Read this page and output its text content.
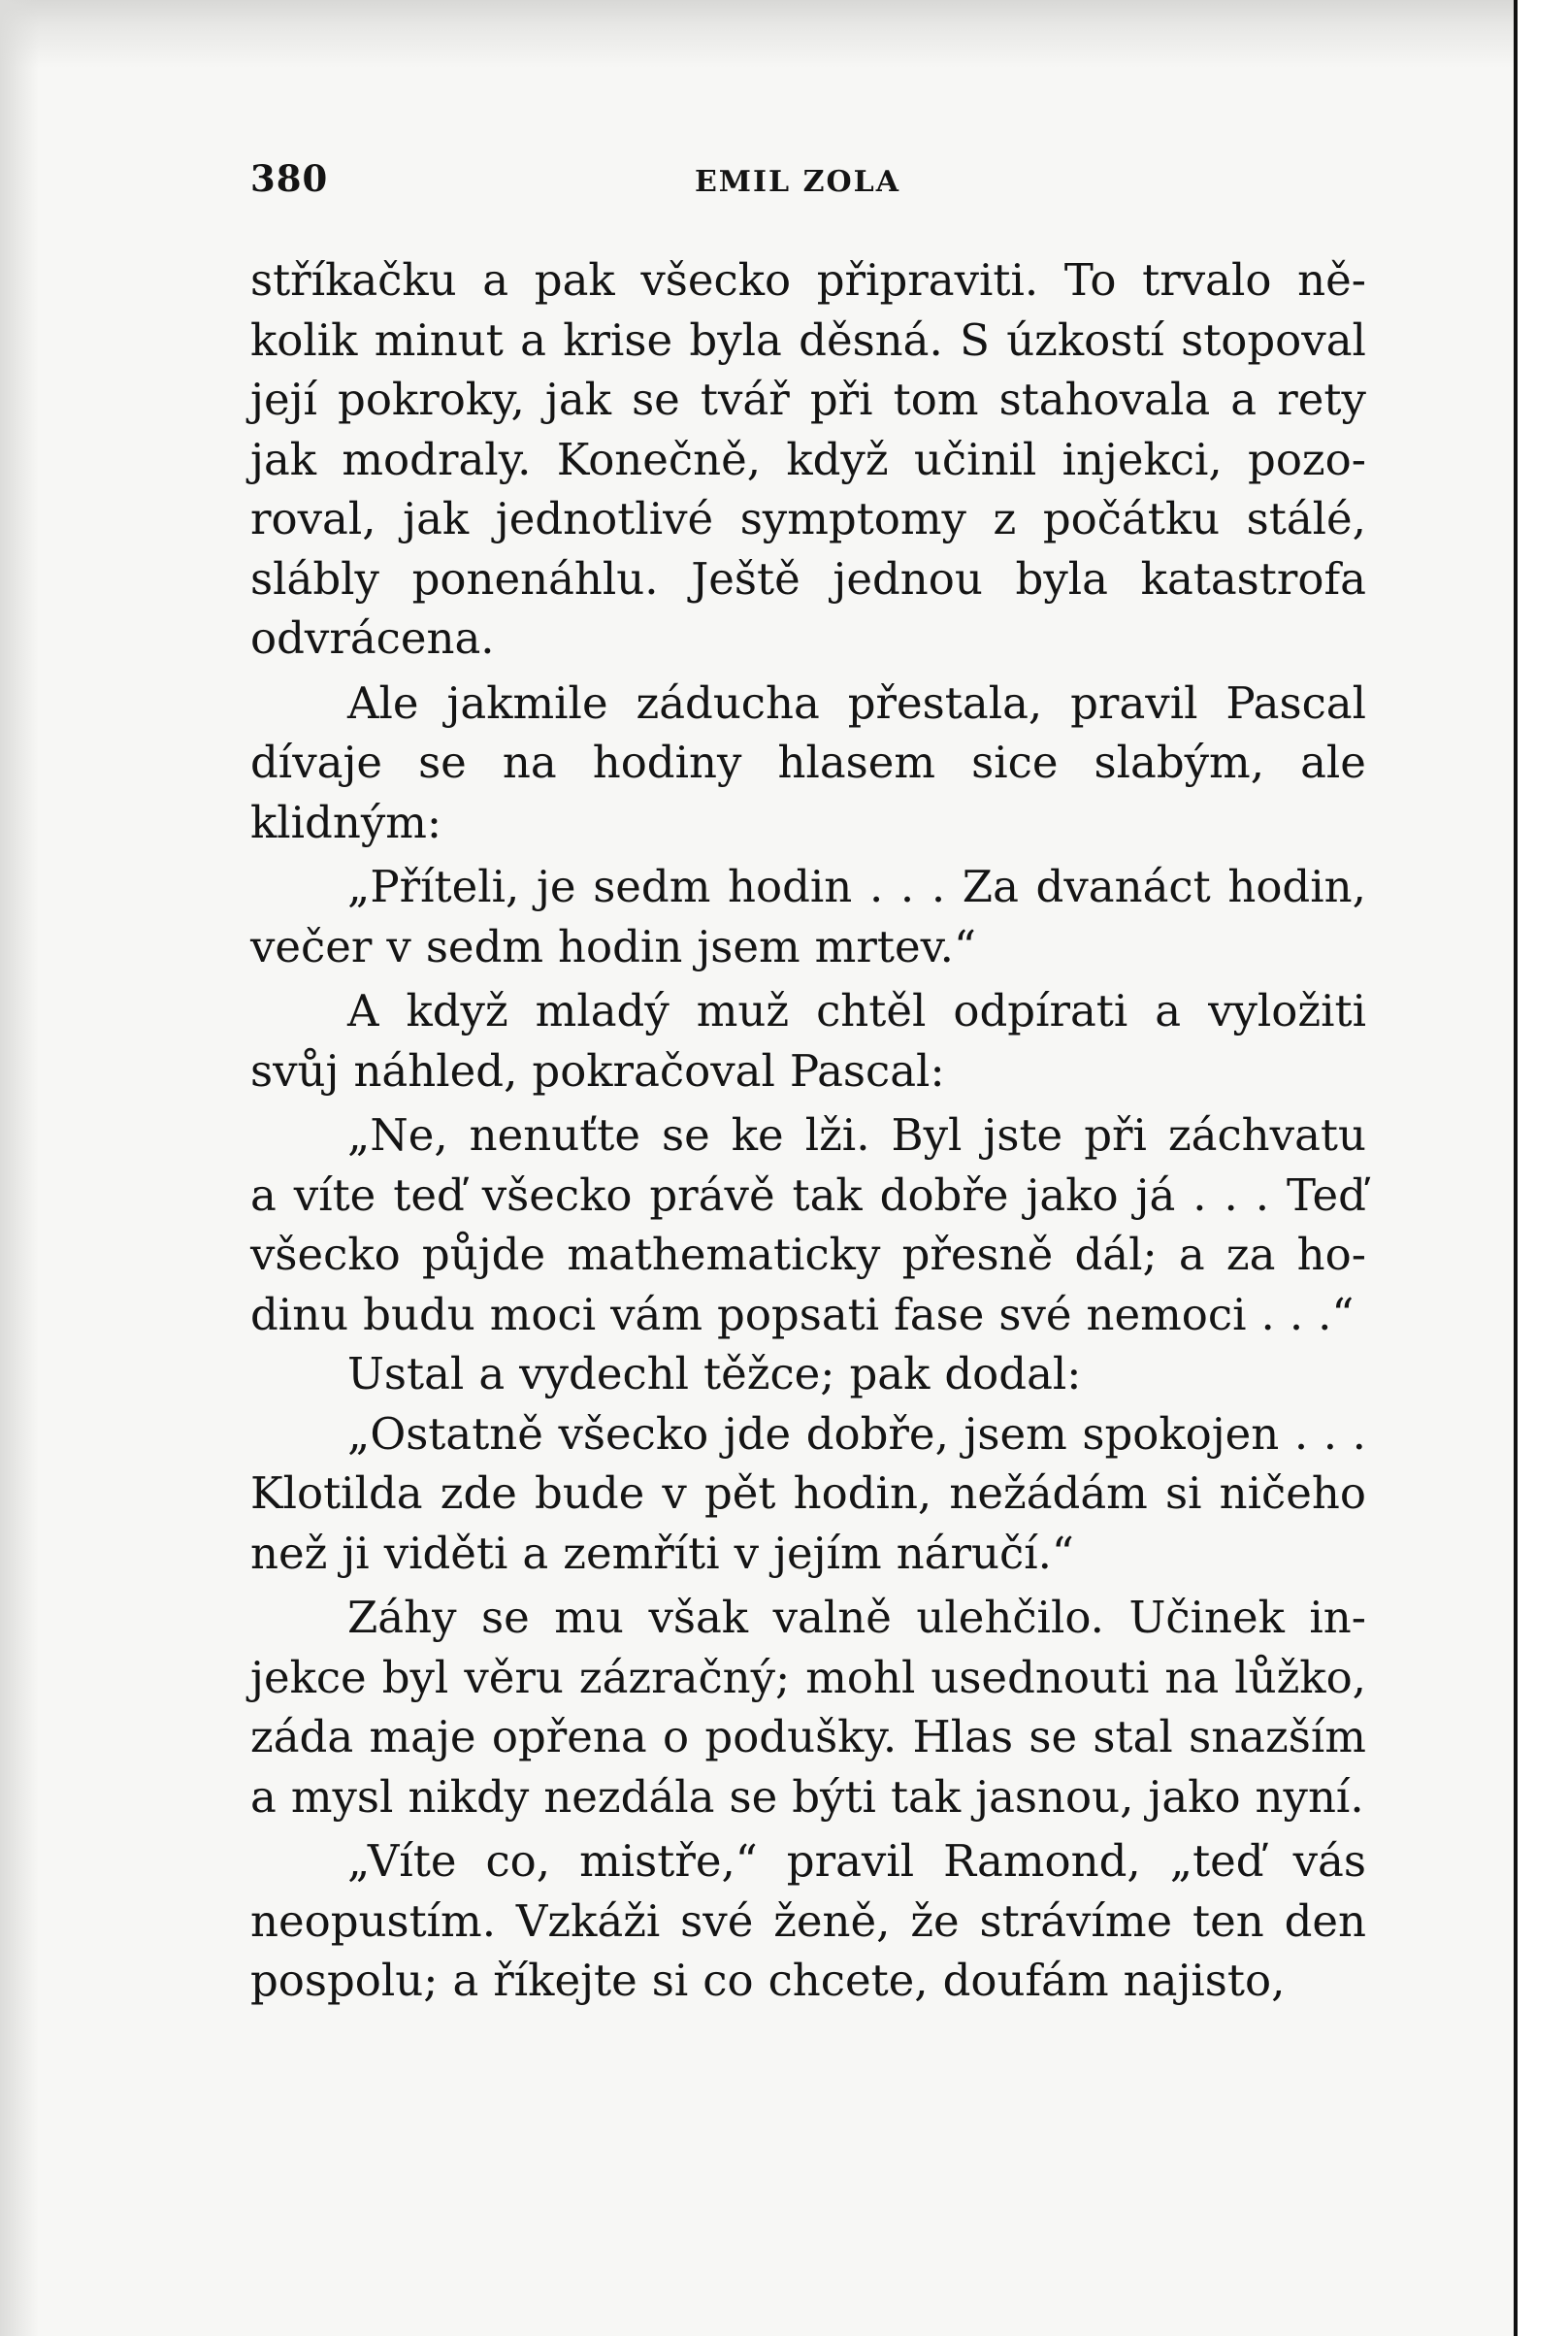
380	EMIL ZOLA
stříkačku a pak všecko připraviti. To trvalo ně-
kolik minut a krise byla děsná. S úzkostí stopoval
její pokroky, jak se tvář při tom stahovala a rety
jak modraly. Konečně, když učinil injekci, pozo-
roval, jak jednotlivé symptomy z počátku stálé,
slábly ponenáhlu. Ještě jednou byla katastrofa
odvrácena.
Ale jakmile záducha přestala, pravil Pascal
dívaje se na hodiny hlasem sice slabým, ale
klidným:
„Příteli, je sedm hodin . . . Za dvanáct hodin,
večer v sedm hodin jsem mrtev.“
A když mladý muž chtěl odpírati a vyložiti
svůj náhled, pokračoval Pascal:
„Ne, nenuťte se ke lži. Byl jste při záchvatu
a víte teď všecko právě tak dobře jako já . . . Teď
všecko půjde mathematicky přesně dál; a za ho-
dinu budu moci vám popsati fase své nemoci . . .“
Ustal a vydechl těžce; pak dodal:
„Ostatně všecko jde dobře, jsem spokojen . . .
Klotilda zde bude v pět hodin, nežádám si ničeho
než ji viděti a zemříti v jejím náručí.“
Záhy se mu však valně ulehčilo. Učinek in-
jekce byl věru zázračný; mohl usednouti na lůžko,
záda maje opřena o podušky. Hlas se stal snazším
a mysl nikdy nezdála se býti tak jasnou, jako nyní.
„Víte co, mistře,“ pravil Ramond, „teď vás
neopustím. Vzkáži své ženě, že strávíme ten den
pospolu; a říkejte si co chcete, doufám najisto,
